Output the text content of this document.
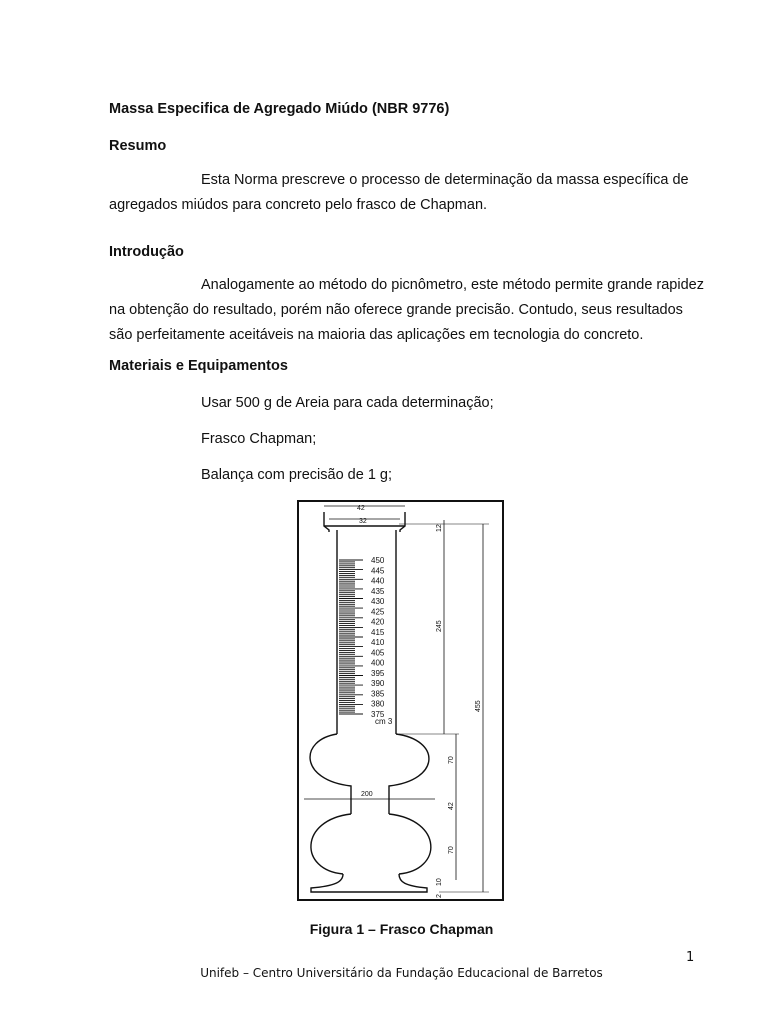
Massa Especifica de Agregado Miúdo (NBR 9776)

Resumo

Esta Norma prescreve o processo de determinação da massa específica de
agregados miúdos para concreto pelo frasco de Chapman.

Introdução

Analogamente ao método do picnômetro, este método permite grande rapidez
na obtenção do resultado, porém não oferece grande precisão. Contudo, seus resultados
são perfeitamente aceitáveis na maioria das aplicações em tecnologia do concreto.

Materiais e Equipamentos

Usar 500 g de Areia para cada determinação;

Frasco Chapman;

Balança com precisão de 1 g;

42
32
200
450
445
440
435
430
425
420
415
410
405
400
395
390
385
380
375
cm 3
12
245
455
70
42
70
10
2

Figura 1 – Frasco Chapman

1

Unifeb – Centro Universitário da Fundação Educacional de Barretos
